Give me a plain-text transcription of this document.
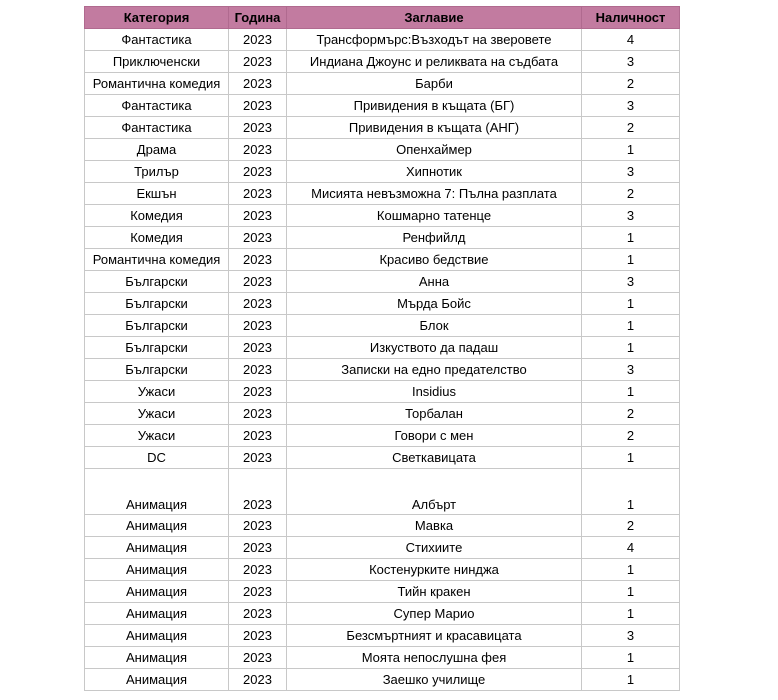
Категория	Година	Заглавие	Наличност
Фантастика	2023	Трансформърс:Възходът на зверовете	4
Приключенски	2023	Индиана Джоунс и реликвата на съдбата	3
Романтична комедия	2023	Барби	2
Фантастика	2023	Привидения в къщата (БГ)	3
Фантастика	2023	Привидения в къщата (АНГ)	2
Драма	2023	Опенхаймер	1
Трилър	2023	Хипнотик	3
Екшън	2023	Мисията невъзможна 7: Пълна разплата	2
Комедия	2023	Кошмарно татенце	3
Комедия	2023	Ренфийлд	1
Романтична комедия	2023	Красиво бедствие	1
Български	2023	Анна	3
Български	2023	Мърда Бойс	1
Български	2023	Блок	1
Български	2023	Изкуството да падаш	1
Български	2023	Записки на едно предателство	3
Ужаси	2023	Insidius	1
Ужаси	2023	Торбалан	2
Ужаси	2023	Говори с мен	2
DC	2023	Светкавицата	1
Анимация	2023	Албърт	1
Анимация	2023	Мавка	2
Анимация	2023	Стихиите	4
Анимация	2023	Костенурките нинджа	1
Анимация	2023	Тийн кракен	1
Анимация	2023	Супер Марио	1
Анимация	2023	Безсмъртният и красавицата	3
Анимация	2023	Моята непослушна фея	1
Анимация	2023	Заешко училище	1
